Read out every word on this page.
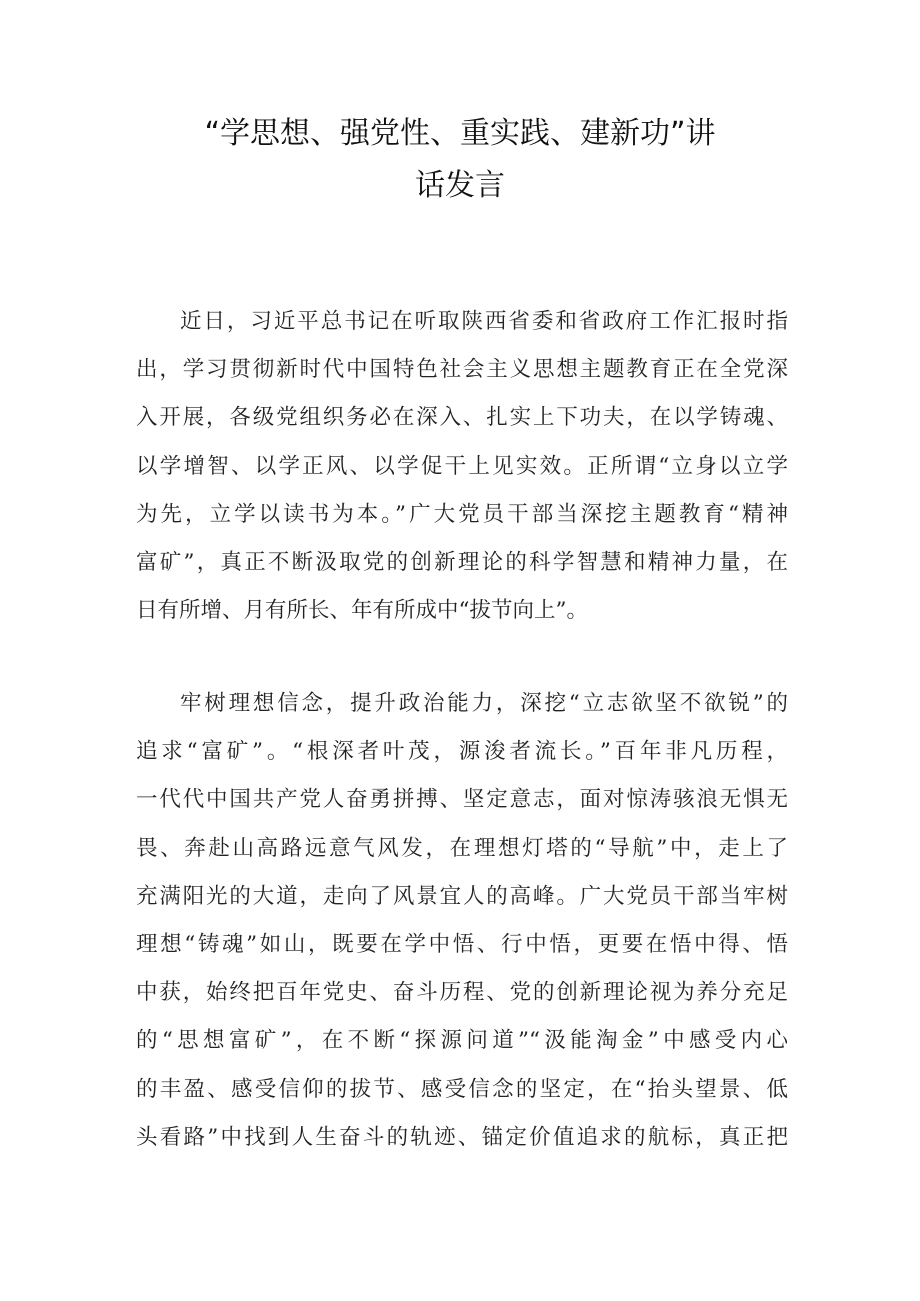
“学思想、强党性、重实践、建新功”讲
话发言
近日，习近平总书记在听取陕西省委和省政府工作汇报时指
出，学习贯彻新时代中国特色社会主义思想主题教育正在全党深
入开展，各级党组织务必在深入、扎实上下功夫，在以学铸魂、
以学增智、以学正风、以学促干上见实效。正所谓“立身以立学
为先，立学以读书为本。”广大党员干部当深挖主题教育“精神
富矿”，真正不断汲取党的创新理论的科学智慧和精神力量，在
日有所增、月有所长、年有所成中“拔节向上”。
牢树理想信念，提升政治能力，深挖“立志欲坚不欲锐”的
追求“富矿”。“根深者叶茂，源浚者流长。”百年非凡历程，
一代代中国共产党人奋勇拼搏、坚定意志，面对惊涛骇浪无惧无
畏、奔赴山高路远意气风发，在理想灯塔的“导航”中，走上了
充满阳光的大道，走向了风景宜人的高峰。广大党员干部当牢树
理想“铸魂”如山，既要在学中悟、行中悟，更要在悟中得、悟
中获，始终把百年党史、奋斗历程、党的创新理论视为养分充足
的“思想富矿”，在不断“探源问道”“汲能淘金”中感受内心
的丰盈、感受信仰的拔节、感受信念的坚定，在“抬头望景、低
头看路”中找到人生奋斗的轨迹、锚定价值追求的航标，真正把
